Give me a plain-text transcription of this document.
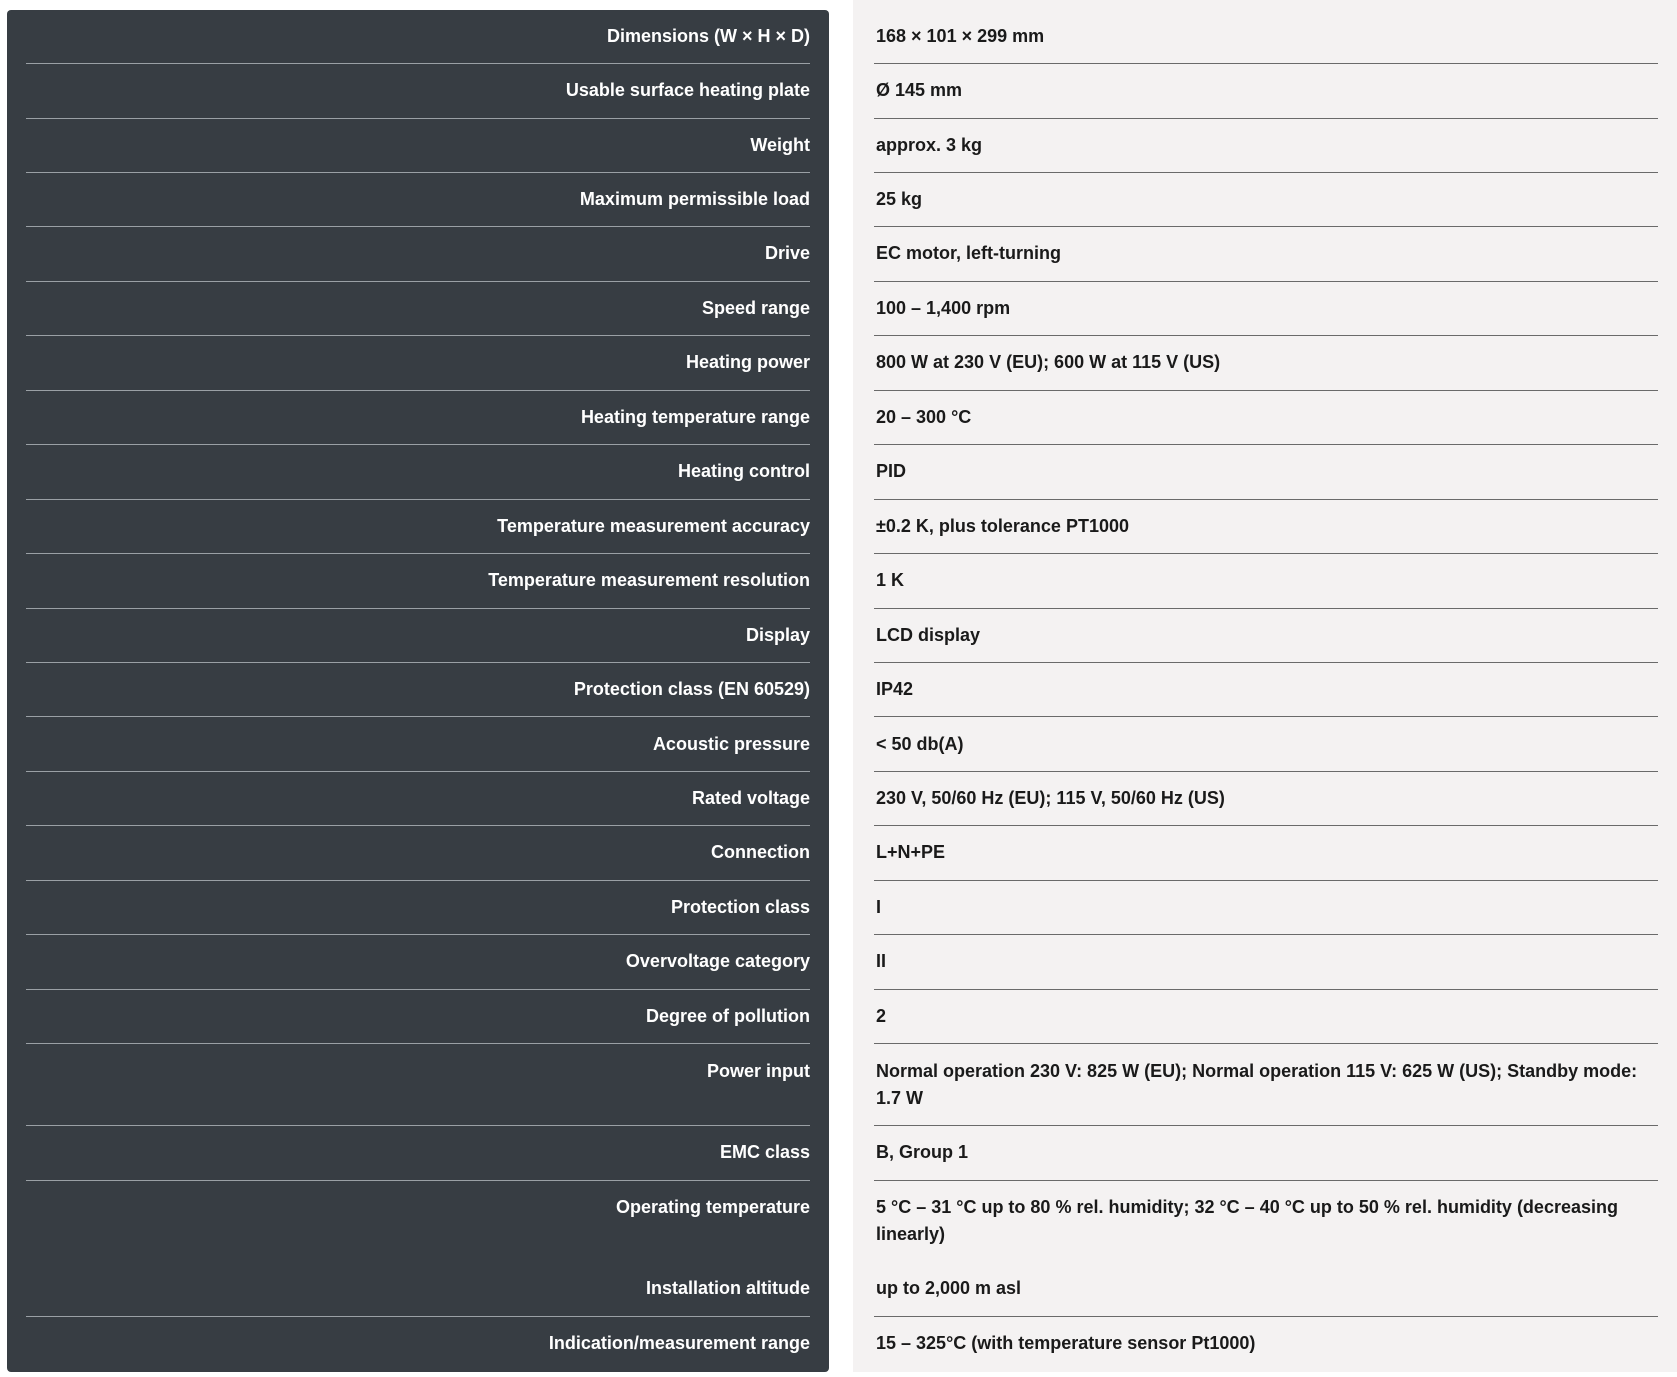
Dimensions (W × H × D)	168 × 101 × 299 mm
Usable surface heating plate	Ø 145 mm
Weight	approx. 3 kg
Maximum permissible load	25 kg
Drive	EC motor, left-turning
Speed range	100 – 1,400 rpm
Heating power	800 W at 230 V (EU); 600 W at 115 V (US)
Heating temperature range	20 – 300 °C
Heating control	PID
Temperature measurement accuracy	±0.2 K, plus tolerance PT1000
Temperature measurement resolution	1 K
Display	LCD display
Protection class (EN 60529)	IP42
Acoustic pressure	< 50 db(A)
Rated voltage	230 V, 50/60 Hz (EU); 115 V, 50/60 Hz (US)
Connection	L+N+PE
Protection class	I
Overvoltage category	II
Degree of pollution	2
Power input	Normal operation 230 V: 825 W (EU); Normal operation 115 V: 625 W (US); Standby mode: 1.7 W
EMC class	B, Group 1
Operating temperature	5 °C – 31 °C up to 80 % rel. humidity; 32 °C – 40 °C up to 50 % rel. humidity (decreasing linearly)
Installation altitude	up to 2,000 m asl
Indication/measurement range	15 – 325°C (with temperature sensor Pt1000)
